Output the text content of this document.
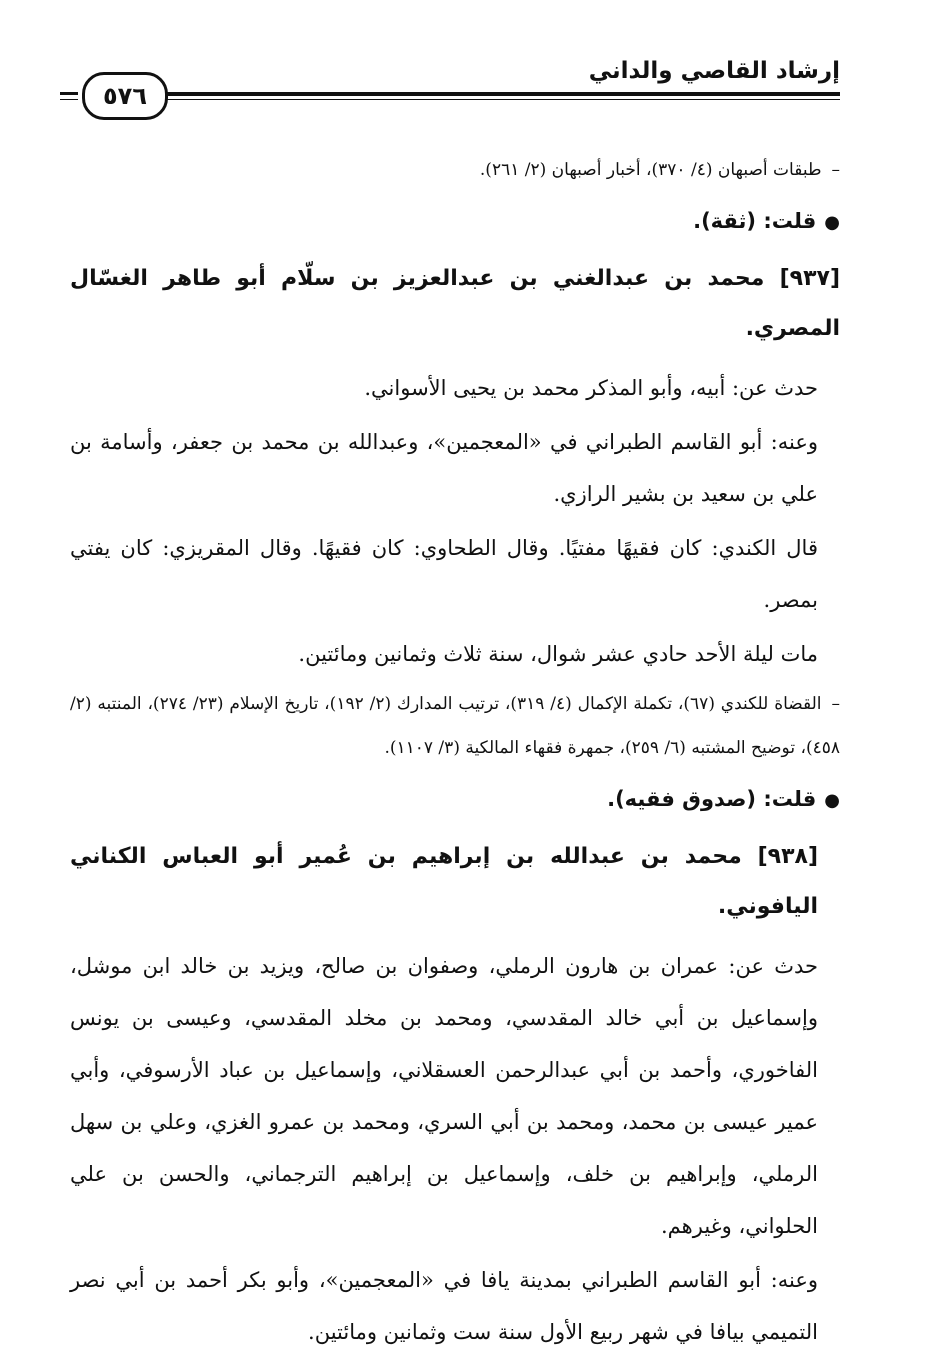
إرشاد القاصي والداني
٥٧٦

–طبقات أصبهان (٤/ ٣٧٠)، أخبار أصبهان (٢/ ٢٦١).

●قلت: (ثقة).

[٩٣٧] محمد بن عبدالغني بن عبدالعزيز بن سلّام أبو طاهر الغسّال المصري.

حدث عن: أبيه، وأبو المذكر محمد بن يحيى الأسواني.

وعنه: أبو القاسم الطبراني في «المعجمين»، وعبدالله بن محمد بن جعفر، وأسامة بن علي بن سعيد بن بشير الرازي.

قال الكندي: كان فقيهًا مفتيًا. وقال الطحاوي: كان فقيهًا. وقال المقريزي: كان يفتي بمصر.

مات ليلة الأحد حادي عشر شوال، سنة ثلاث وثمانين ومائتين.

–القضاة للكندي (٦٧)، تكملة الإكمال (٤/ ٣١٩)، ترتيب المدارك (٢/ ١٩٢)، تاريخ الإسلام (٢٣/ ٢٧٤)، المنتبه (٢/ ٤٥٨)، توضيح المشتبه (٦/ ٢٥٩)، جمهرة فقهاء المالكية (٣/ ١١٠٧).

●قلت: (صدوق فقيه).

[٩٣٨] محمد بن عبدالله بن إبراهيم بن عُمير أبو العباس الكناني اليافوني.

حدث عن: عمران بن هارون الرملي، وصفوان بن صالح، ويزيد بن خالد ابن موشل، وإسماعيل بن أبي خالد المقدسي، ومحمد بن مخلد المقدسي، وعيسى بن يونس الفاخوري، وأحمد بن أبي عبدالرحمن العسقلاني، وإسماعيل بن عباد الأرسوفي، وأبي عمير عيسى بن محمد، ومحمد بن أبي السري، ومحمد بن عمرو الغزي، وعلي بن سهل الرملي، وإبراهيم بن خلف، وإسماعيل بن إبراهيم الترجماني، والحسن بن علي الحلواني، وغيرهم.

وعنه: أبو القاسم الطبراني بمدينة يافا في «المعجمين»، وأبو بكر أحمد بن أبي نصر التميمي بيافا في شهر ربيع الأول سنة ست وثمانين ومائتين.
